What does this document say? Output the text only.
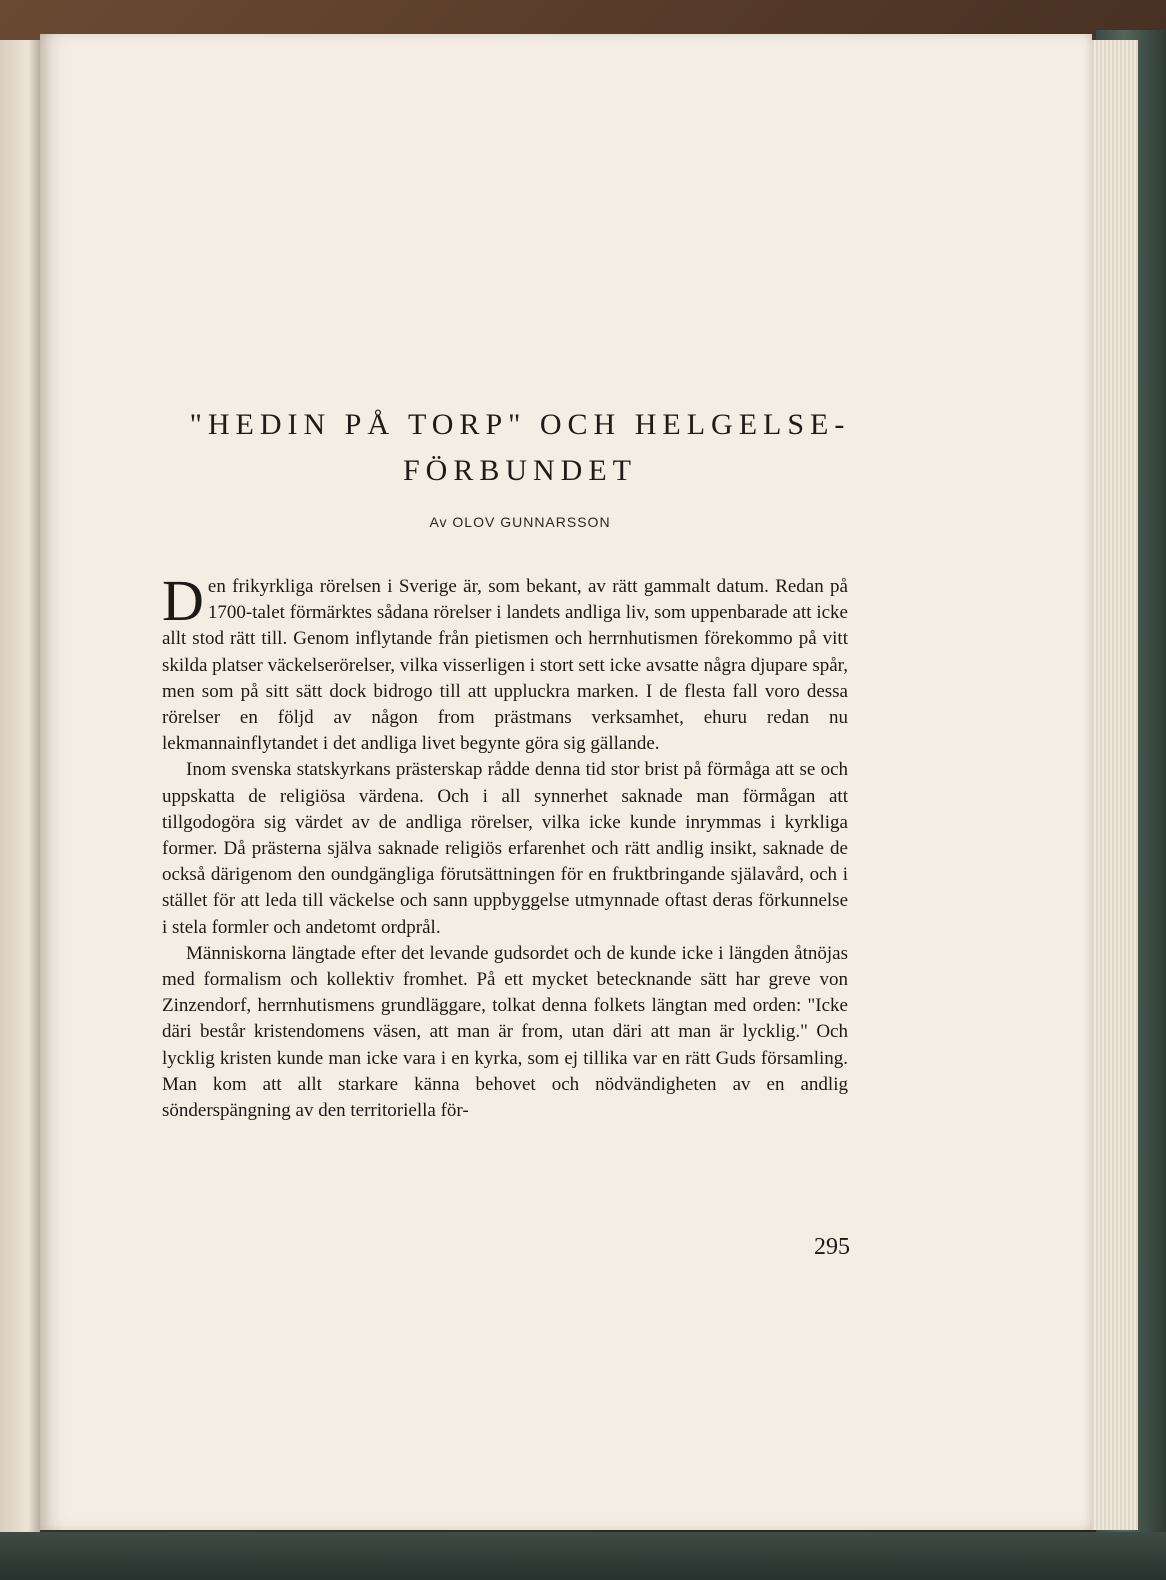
"HEDIN PÅ TORP" OCH HELGELSE-
FÖRBUNDET

Av OLOV GUNNARSSON

Den frikyrkliga rörelsen i Sverige är, som bekant, av rätt gammalt datum. Redan på 1700-talet förmärktes sådana rörelser i landets andliga liv, som uppenbarade att icke allt stod rätt till. Genom inflytande från pietismen och herrnhutismen förekommo på vitt skilda platser väckelserörelser, vilka visserligen i stort sett icke avsatte några djupare spår, men som på sitt sätt dock bidrogo till att uppluckra marken. I de flesta fall voro dessa rörelser en följd av någon from prästmans verksamhet, ehuru redan nu lekmannainflytandet i det andliga livet begynte göra sig gällande.

Inom svenska statskyrkans prästerskap rådde denna tid stor brist på förmåga att se och uppskatta de religiösa värdena. Och i all synnerhet saknade man förmågan att tillgodogöra sig värdet av de andliga rörelser, vilka icke kunde inrymmas i kyrkliga former. Då prästerna själva saknade religiös erfarenhet och rätt andlig insikt, saknade de också därigenom den oundgängliga förutsättningen för en fruktbringande själavård, och i stället för att leda till väckelse och sann uppbyggelse utmynnade oftast deras förkunnelse i stela formler och andetomt ordprål.

Människorna längtade efter det levande gudsordet och de kunde icke i längden åtnöjas med formalism och kollektiv fromhet. På ett mycket betecknande sätt har greve von Zinzendorf, herrnhutismens grundläggare, tolkat denna folkets längtan med orden: "Icke däri består kristendomens väsen, att man är from, utan däri att man är lycklig." Och lycklig kristen kunde man icke vara i en kyrka, som ej tillika var en rätt Guds församling. Man kom att allt starkare känna behovet och nödvändigheten av en andlig sönderspängning av den territoriella för-

295
